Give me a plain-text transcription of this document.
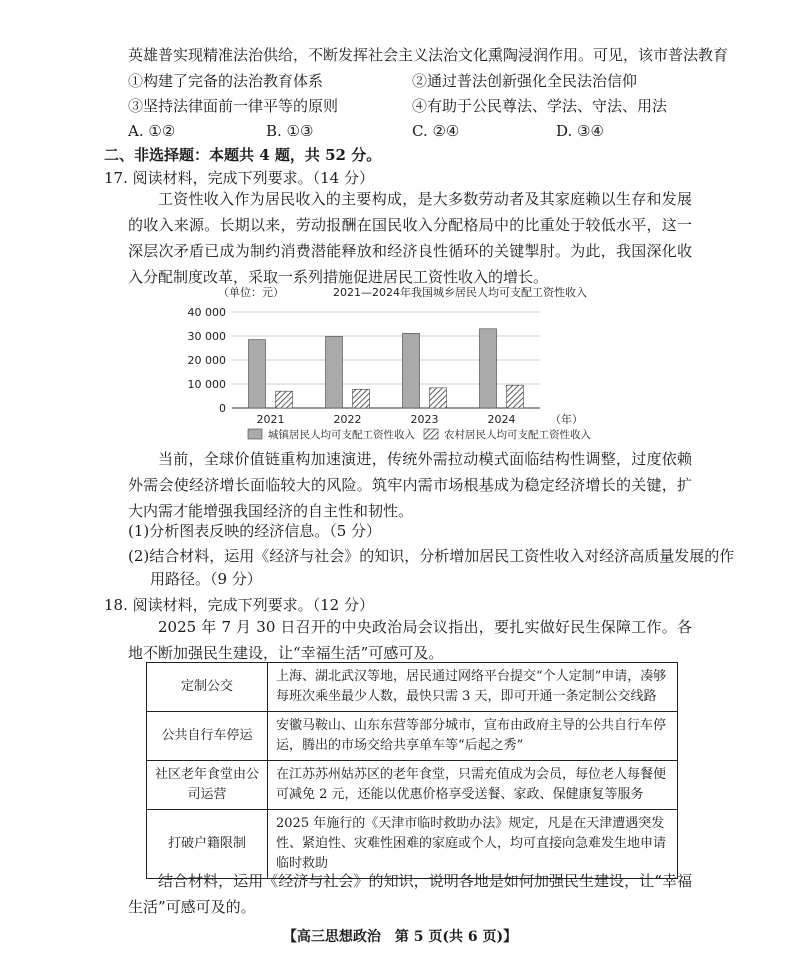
英雄普实现精准法治供给，不断发挥社会主义法治文化熏陶浸润作用。可见，该市普法教育
①构建了完备的法治教育体系	②通过普法创新强化全民法治信仰
③坚持法律面前一律平等的原则	④有助于公民尊法、学法、守法、用法
A. ①②	B. ①③	C. ②④	D. ③④
二、非选择题：本题共 4 题，共 52 分。
17. 阅读材料，完成下列要求。（14 分）
工资性收入作为居民收入的主要构成，是大多数劳动者及其家庭赖以生存和发展的收入来源。长期以来，劳动报酬在国民收入分配格局中的比重处于较低水平，这一深层次矛盾已成为制约消费潜能释放和经济良性循环的关键掣肘。为此，我国深化收入分配制度改革，采取一系列措施促进居民工资性收入的增长。
（单位：元）	2021—2024年我国城乡居民人均可支配工资性收入
0
10 000
20 000
30 000
40 000
2021	2022	2023	2024	（年）
城镇居民人均可支配工资性收入	农村居民人均可支配工资性收入
当前，全球价值链重构加速演进，传统外需拉动模式面临结构性调整，过度依赖外需会使经济增长面临较大的风险。筑牢内需市场根基成为稳定经济增长的关键，扩大内需才能增强我国经济的自主性和韧性。
(1)分析图表反映的经济信息。（5 分）
(2)结合材料，运用《经济与社会》的知识，分析增加居民工资性收入对经济高质量发展的作
用路径。（9 分）
18. 阅读材料，完成下列要求。（12 分）
2025 年 7 月 30 日召开的中央政治局会议指出，要扎实做好民生保障工作。各地不断加强民生建设，让“幸福生活”可感可及。
定制公交	上海、湖北武汉等地，居民通过网络平台提交“个人定制”申请，凑够每班次乘坐最少人数，最快只需 3 天，即可开通一条定制公交线路
公共自行车停运	安徽马鞍山、山东东营等部分城市，宣布由政府主导的公共自行车停运，腾出的市场交给共享单车等“后起之秀”
社区老年食堂由公司运营	在江苏苏州姑苏区的老年食堂，只需充值成为会员，每位老人每餐便可减免 2 元，还能以优惠价格享受送餐、家政、保健康复等服务
打破户籍限制	2025 年施行的《天津市临时救助办法》规定，凡是在天津遭遇突发性、紧迫性、灾难性困难的家庭或个人，均可直接向急难发生地申请临时救助
结合材料，运用《经济与社会》的知识，说明各地是如何加强民生建设，让“幸福生活”可感可及的。
【高三思想政治　第 5 页(共 6 页)】
